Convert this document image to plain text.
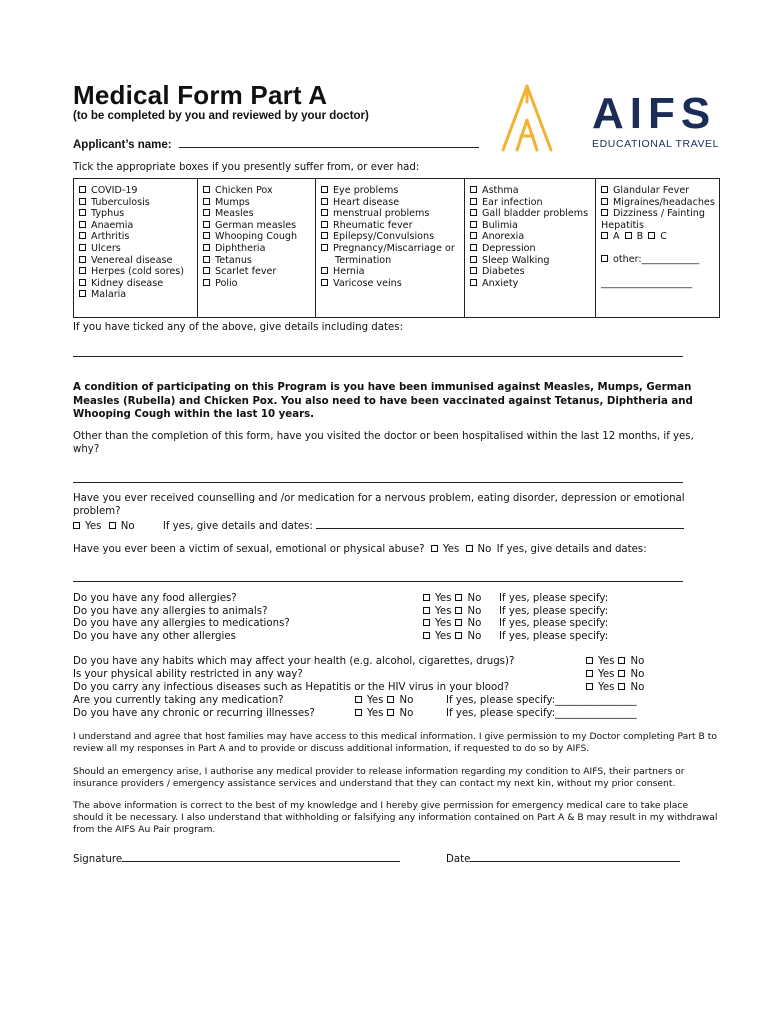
Medical Form Part A
(to be completed by you and reviewed by your doctor)
Applicant’s name:
AIFS
EDUCATIONAL TRAVEL
Tick the appropriate boxes if you presently suffer from, or ever had:
COVID-19
Tuberculosis
Typhus
Anaemia
Arthritis
Ulcers
Venereal disease
Herpes (cold sores)
Kidney disease
Malaria

Chicken Pox
Mumps
Measles
German measles
Whooping Cough
Diphtheria
Tetanus
Scarlet fever
Polio

Eye problems
Heart disease
menstrual problems
Rheumatic fever
Epilepsy/Convulsions
Pregnancy/Miscarriage or
Termination
Hernia
Varicose veins

Asthma
Ear infection
Gall bladder problems
Bulimia
Anorexia
Depression
Sleep Walking
Diabetes
Anxiety

Glandular Fever
Migraines/headaches
Dizziness / Fainting
Hepatitis
A B C
other:____________
___________________
If you have ticked any of the above, give details including dates:
A condition of participating on this Program is you have been immunised against Measles, Mumps, German Measles (Rubella) and Chicken Pox. You also need to have been vaccinated against Tetanus, Diphtheria and Whooping Cough within the last 10 years.
Other than the completion of this form, have you visited the doctor or been hospitalised within the last 12 months, if yes, why?
Have you ever received counselling and /or medication for a nervous problem, eating disorder, depression or emotional problem?
Yes No	If yes, give details and dates:
Have you ever been a victim of sexual, emotional or physical abuse? Yes No If yes, give details and dates:
Do you have any food allergies?	Yes No If yes, please specify:
Do you have any allergies to animals?	Yes No If yes, please specify:
Do you have any allergies to medications?	Yes No If yes, please specify:
Do you have any other allergies	Yes No If yes, please specify:
Do you have any habits which may affect your health (e.g. alcohol, cigarettes, drugs)?	Yes No
Is your physical ability restricted in any way?	Yes No
Do you carry any infectious diseases such as Hepatitis or the HIV virus in your blood?	Yes No
Are you currently taking any medication?	Yes No	If yes, please specify:________________
Do you have any chronic or recurring illnesses?	Yes No	If yes, please specify:________________
I understand and agree that host families may have access to this medical information. I give permission to my Doctor completing Part B to review all my responses in Part A and to provide or discuss additional information, if requested to do so by AIFS.
Should an emergency arise, I authorise any medical provider to release information regarding my condition to AIFS, their partners or insurance providers / emergency assistance services and understand that they can contact my next kin, without my prior consent.
The above information is correct to the best of my knowledge and I hereby give permission for emergency medical care to take place should it be necessary. I also understand that withholding or falsifying any information contained on Part A & B may result in my withdrawal from the AIFS Au Pair program.
Signature	Date
